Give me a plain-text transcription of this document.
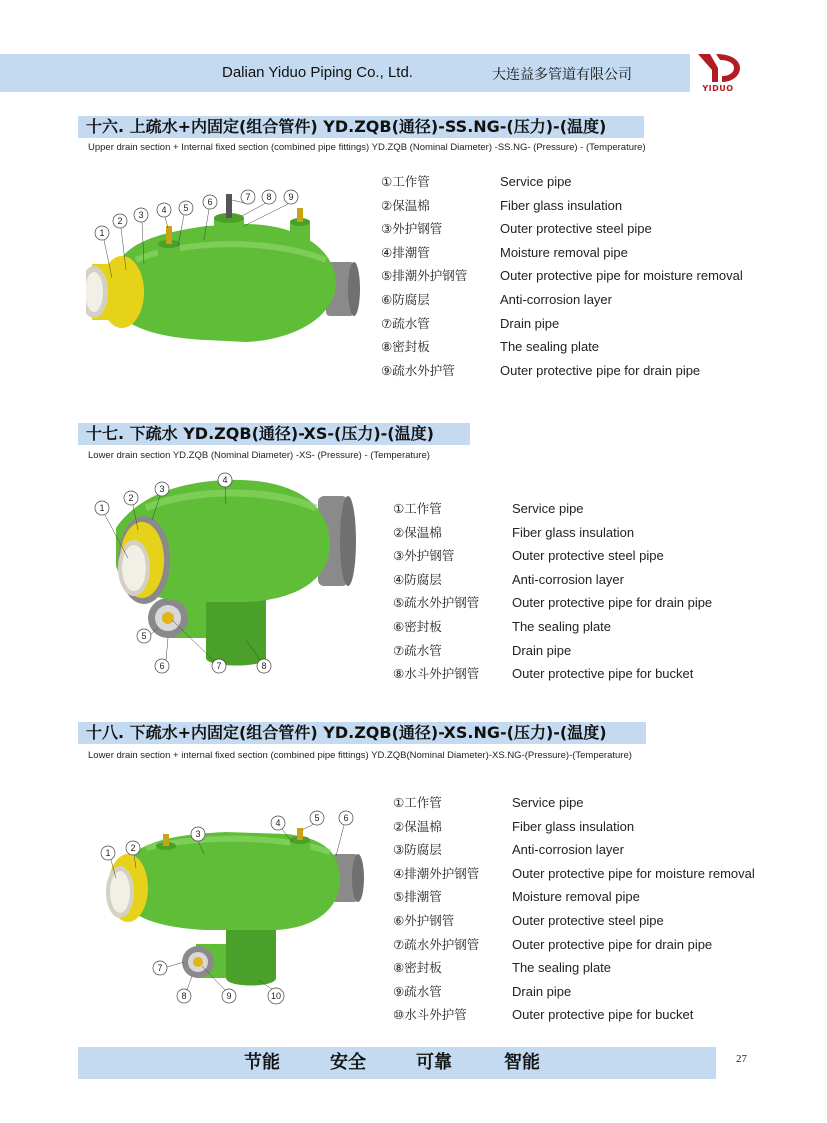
Dalian Yiduo Piping Co., Ltd.	大连益多管道有限公司
YIDUO
十六. 上疏水+内固定(组合管件) YD.ZQB(通径)-SS.NG-(压力)-(温度)
Upper drain section + Internal fixed section (combined pipe fittings) YD.ZQB (Nominal Diameter) -SS.NG- (Pressure) - (Temperature)
1
2
3 4 5
6	7 8 9
①工作管	Service pipe
②保温棉	Fiber glass insulation
③外护钢管	Outer protective steel pipe
④排潮管	Moisture removal pipe
⑤排潮外护钢管	Outer protective pipe for moisture removal
⑥防腐层	Anti-corrosion layer
⑦疏水管	Drain pipe
⑧密封板	The sealing plate
⑨疏水外护管	Outer protective pipe for drain pipe
十七. 下疏水 YD.ZQB(通径)-XS-(压力)-(温度)
Lower drain section YD.ZQB (Nominal Diameter) -XS- (Pressure) - (Temperature)
1
2
3
4
5
6	7	8
①工作管	Service pipe
②保温棉	Fiber glass insulation
③外护钢管	Outer protective steel pipe
④防腐层	Anti-corrosion layer
⑤疏水外护钢管	Outer protective pipe for drain pipe
⑥密封板	The sealing plate
⑦疏水管	Drain pipe
⑧水斗外护钢管	Outer protective pipe for bucket
十八. 下疏水+内固定(组合管件) YD.ZQB(通径)-XS.NG-(压力)-(温度)
Lower drain section + internal fixed section (combined pipe fittings) YD.ZQB(Nominal Diameter)-XS.NG-(Pressure)-(Temperature)
1 2
3
4	5	6
7
8	9	10
①工作管	Service pipe
②保温棉	Fiber glass insulation
③防腐层	Anti-corrosion layer
④排潮外护钢管	Outer protective pipe for moisture removal
⑤排潮管	Moisture removal pipe
⑥外护钢管	Outer protective steel pipe
⑦疏水外护钢管	Outer protective pipe for drain pipe
⑧密封板	The sealing plate
⑨疏水管	Drain pipe
⑩水斗外护管	Outer protective pipe for bucket
节能	安全	可靠	智能	27
